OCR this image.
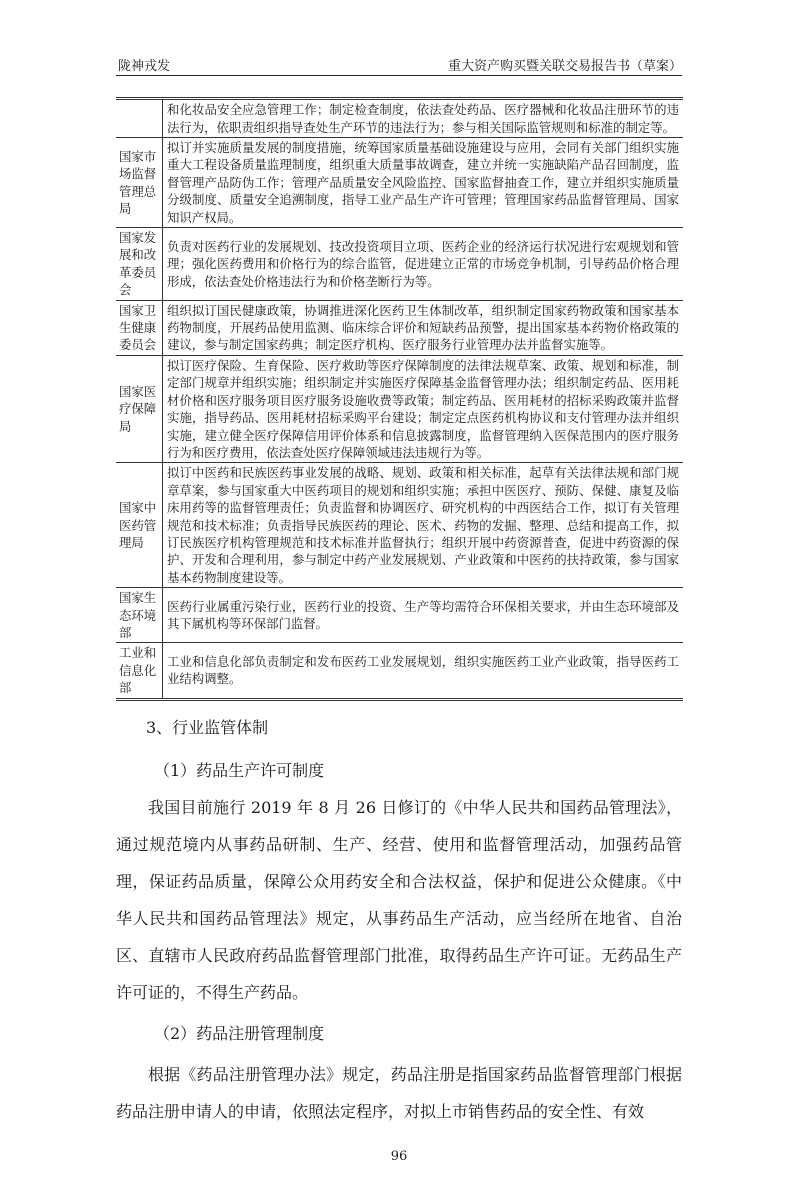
陇神戎发	重大资产购买暨关联交易报告书（草案）
	和化妆品安全应急管理工作；制定检查制度，依法查处药品、医疗器械和化妆品注册环节的违法行为，依职责组织指导查处生产环节的违法行为；参与相关国际监管规则和标准的制定等。
国家市场监督管理总局	拟订并实施质量发展的制度措施，统筹国家质量基础设施建设与应用，会同有关部门组织实施重大工程设备质量监理制度，组织重大质量事故调查，建立并统一实施缺陷产品召回制度，监督管理产品防伪工作；管理产品质量安全风险监控、国家监督抽查工作，建立并组织实施质量分级制度、质量安全追溯制度，指导工业产品生产许可管理；管理国家药品监督管理局、国家知识产权局。
国家发展和改革委员会	负责对医药行业的发展规划、技改投资项目立项、医药企业的经济运行状况进行宏观规划和管理；强化医药费用和价格行为的综合监管，促进建立正常的市场竞争机制，引导药品价格合理形成，依法查处价格违法行为和价格垄断行为等。
国家卫生健康委员会	组织拟订国民健康政策，协调推进深化医药卫生体制改革，组织制定国家药物政策和国家基本药物制度，开展药品使用监测、临床综合评价和短缺药品预警，提出国家基本药物价格政策的建议，参与制定国家药典；制定医疗机构、医疗服务行业管理办法并监督实施等。
国家医疗保障局	拟订医疗保险、生育保险、医疗救助等医疗保障制度的法律法规草案、政策、规划和标准，制定部门规章并组织实施；组织制定并实施医疗保障基金监督管理办法；组织制定药品、医用耗材价格和医疗服务项目医疗服务设施收费等政策；制定药品、医用耗材的招标采购政策并监督实施，指导药品、医用耗材招标采购平台建设；制定定点医药机构协议和支付管理办法并组织实施，建立健全医疗保障信用评价体系和信息披露制度，监督管理纳入医保范围内的医疗服务行为和医疗费用，依法查处医疗保障领域违法违规行为等。
国家中医药管理局	拟订中医药和民族医药事业发展的战略、规划、政策和相关标准，起草有关法律法规和部门规章草案，参与国家重大中医药项目的规划和组织实施；承担中医医疗、预防、保健、康复及临床用药等的监督管理责任；负责监督和协调医疗、研究机构的中西医结合工作，拟订有关管理规范和技术标准；负责指导民族医药的理论、医术、药物的发掘、整理、总结和提高工作，拟订民族医疗机构管理规范和技术标准并监督执行；组织开展中药资源普查，促进中药资源的保护、开发和合理利用，参与制定中药产业发展规划、产业政策和中医药的扶持政策，参与国家基本药物制度建设等。
国家生态环境部	医药行业属重污染行业，医药行业的投资、生产等均需符合环保相关要求，并由生态环境部及其下属机构等环保部门监督。
工业和信息化部	工业和信息化部负责制定和发布医药工业发展规划，组织实施医药工业产业政策，指导医药工业结构调整。
3、行业监管体制
（1）药品生产许可制度

我国目前施行 2019 年 8 月 26 日修订的《中华人民共和国药品管理法》，通过规范境内从事药品研制、生产、经营、使用和监督管理活动，加强药品管理，保证药品质量，保障公众用药安全和合法权益，保护和促进公众健康。《中华人民共和国药品管理法》规定，从事药品生产活动，应当经所在地省、自治区、直辖市人民政府药品监督管理部门批准，取得药品生产许可证。无药品生产许可证的，不得生产药品。

（2）药品注册管理制度

根据《药品注册管理办法》规定，药品注册是指国家药品监督管理部门根据药品注册申请人的申请，依照法定程序，对拟上市销售药品的安全性、有效

96
